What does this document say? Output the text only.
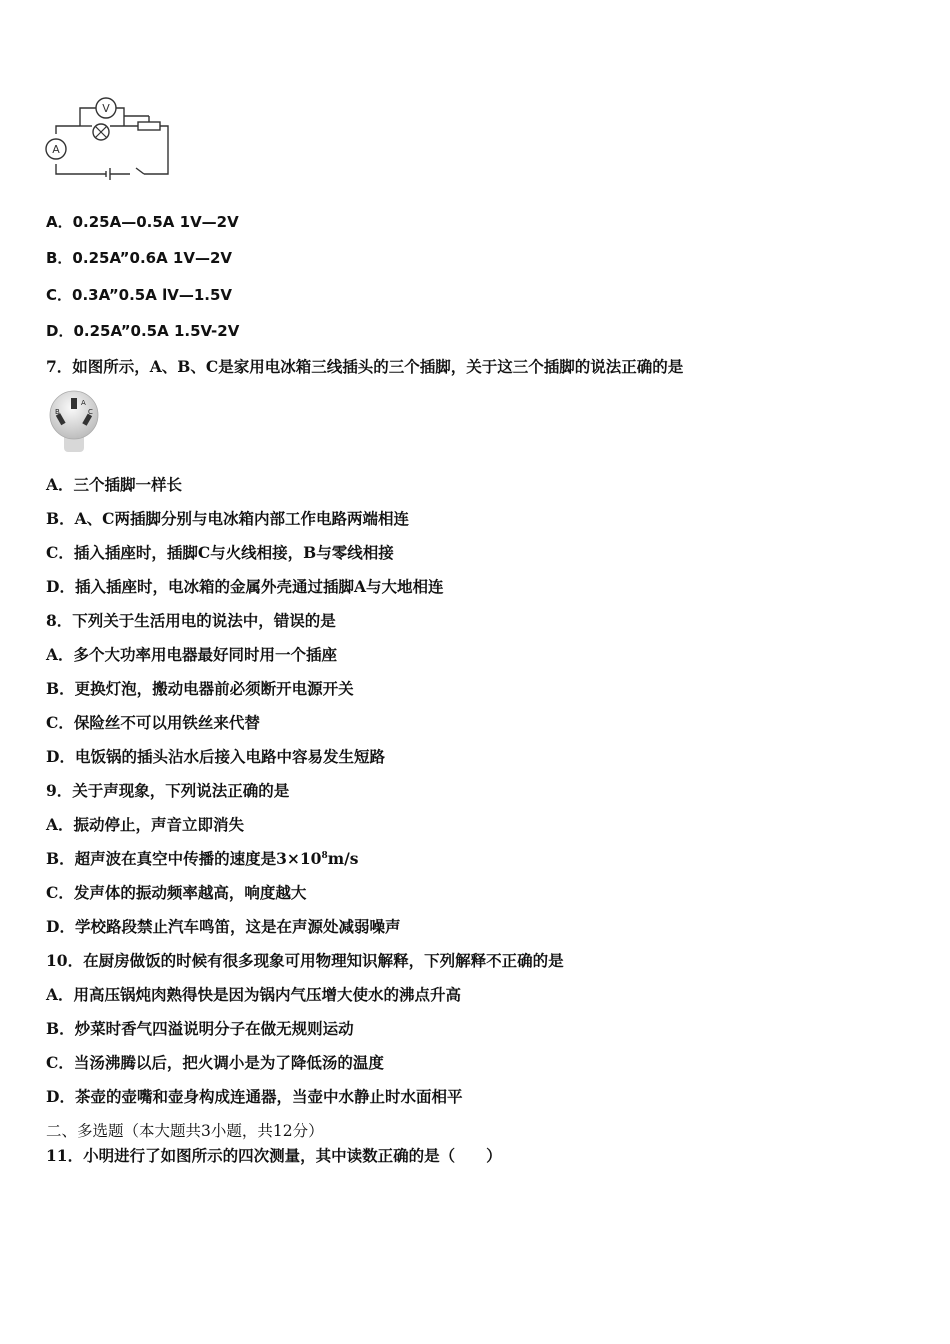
V
A
A．0.25A—0.5A 1V—2V
B．0.25A”0.6A 1V—2V
C．0.3A”0.5A lV—1.5V
D．0.25A”0.5A 1.5V-2V
7．如图所示，A、B、C是家用电冰箱三线插头的三个插脚，关于这三个插脚的说法正确的是
A
B	C
A．三个插脚一样长
B．A、C两插脚分别与电冰箱内部工作电路两端相连
C．插入插座时，插脚C与火线相接，B与零线相接
D．插入插座时，电冰箱的金属外壳通过插脚A与大地相连
8．下列关于生活用电的说法中，错误的是
A．多个大功率用电器最好同时用一个插座
B．更换灯泡，搬动电器前必须断开电源开关
C．保险丝不可以用铁丝来代替
D．电饭锅的插头沾水后接入电路中容易发生短路
9．关于声现象，下列说法正确的是
A．振动停止，声音立即消失
B．超声波在真空中传播的速度是$3\times 10^8m/s$
C．发声体的振动频率越高，响度越大
D．学校路段禁止汽车鸣笛，这是在声源处减弱噪声
10．在厨房做饭的时候有很多现象可用物理知识解释，下列解释不正确的是
A．用高压锅炖肉熟得快是因为锅内气压增大使水的沸点升高
B．炒菜时香气四溢说明分子在做无规则运动
C．当汤沸腾以后，把火调小是为了降低汤的温度
D．茶壶的壶嘴和壶身构成连通器，当壶中水静止时水面相平
二、多选题（本大题共3小题，共12分）
11．小明进行了如图所示的四次测量，其中读数正确的是（　　）
